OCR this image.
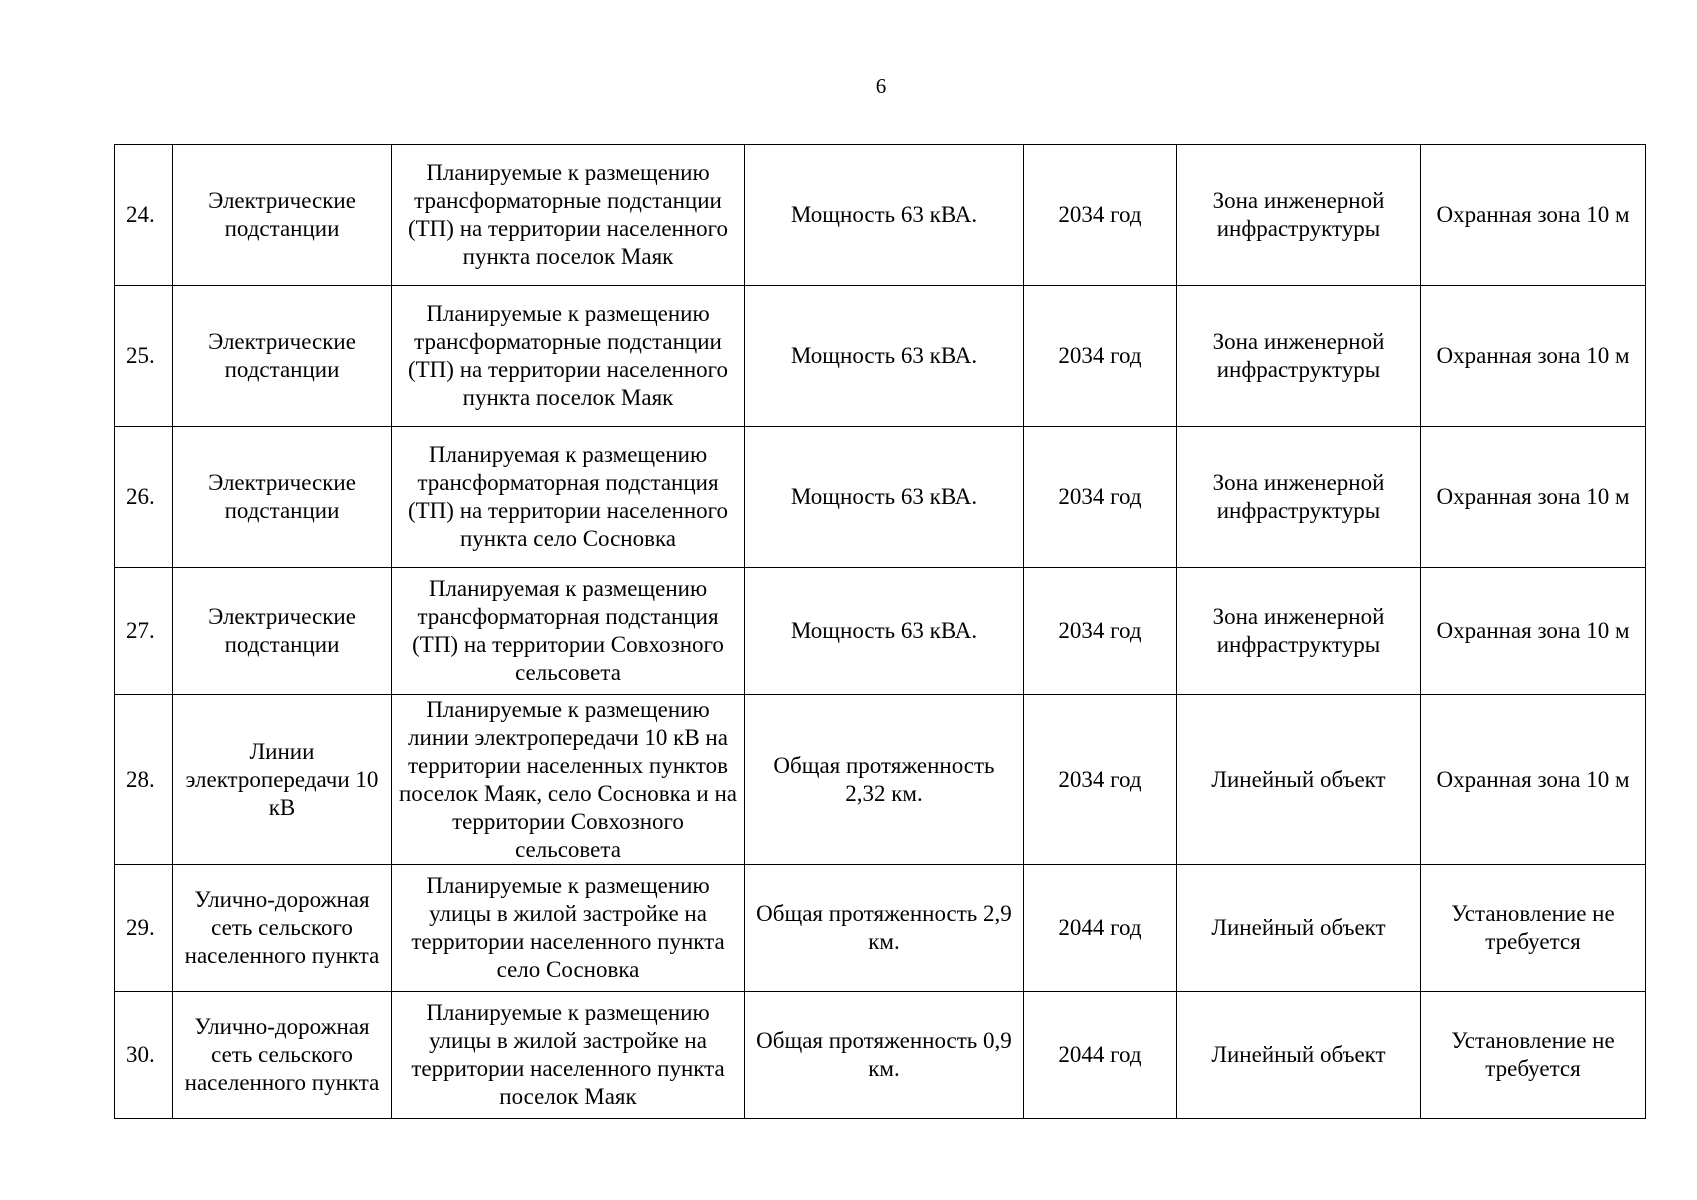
6
24.	Электрические подстанции	Планируемые к размещению трансформаторные подстанции (ТП) на территории населенного пункта поселок Маяк	Мощность 63 кВА.	2034 год	Зона инженерной инфраструктуры	Охранная зона 10 м
25.	Электрические подстанции	Планируемые к размещению трансформаторные подстанции (ТП) на территории населенного пункта поселок Маяк	Мощность 63 кВА.	2034 год	Зона инженерной инфраструктуры	Охранная зона 10 м
26.	Электрические подстанции	Планируемая к размещению трансформаторная подстанция (ТП) на территории населенного пункта село Сосновка	Мощность 63 кВА.	2034 год	Зона инженерной инфраструктуры	Охранная зона 10 м
27.	Электрические подстанции	Планируемая к размещению трансформаторная подстанция (ТП) на территории Совхозного сельсовета	Мощность 63 кВА.	2034 год	Зона инженерной инфраструктуры	Охранная зона 10 м
28.	Линии электропередачи 10 кВ	Планируемые к размещению линии электропередачи 10 кВ на территории населенных пунктов поселок Маяк, село Сосновка и на территории Совхозного сельсовета	Общая протяженность 2,32 км.	2034 год	Линейный объект	Охранная зона 10 м
29.	Улично-дорожная сеть сельского населенного пункта	Планируемые к размещению улицы в жилой застройке на территории населенного пункта село Сосновка	Общая протяженность 2,9 км.	2044 год	Линейный объект	Установление не требуется
30.	Улично-дорожная сеть сельского населенного пункта	Планируемые к размещению улицы в жилой застройке на территории населенного пункта поселок Маяк	Общая протяженность 0,9 км.	2044 год	Линейный объект	Установление не требуется
